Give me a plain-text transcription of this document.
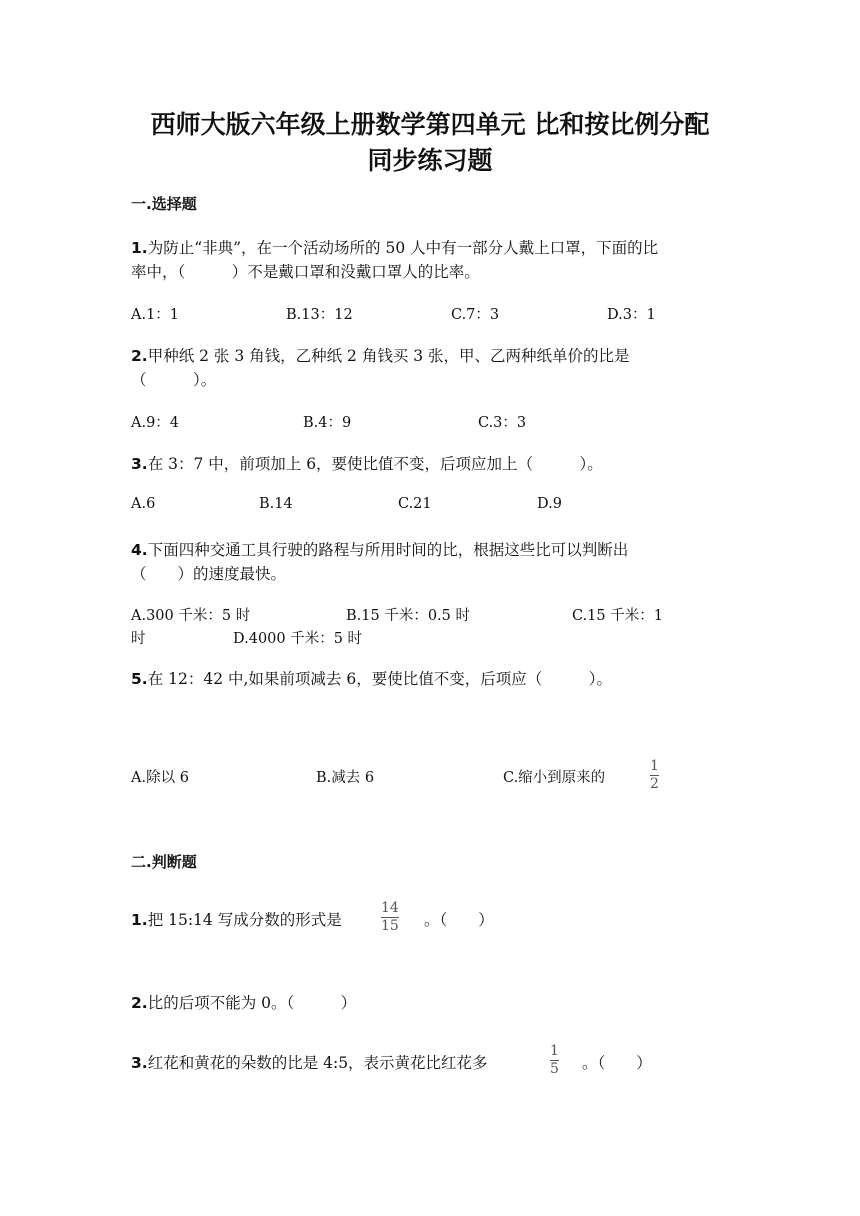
西师大版六年级上册数学第四单元 比和按比例分配
同步练习题
一.选择题
1.为防止“非典”，在一个活动场所的 50 人中有一部分人戴上口罩，下面的比
率中，（　　　）不是戴口罩和没戴口罩人的比率。
A.1：1	B.13：12	C.7：3	D.3：1
2.甲种纸 2 张 3 角钱，乙种纸 2 角钱买 3 张，甲、乙两种纸单价的比是
（　　　）。
A.9：4	B.4：9	C.3：3
3.在 3：7 中，前项加上 6，要使比值不变，后项应加上（　　　）。
A.6	B.14	C.21	D.9
4.下面四种交通工具行驶的路程与所用时间的比，根据这些比可以判断出
（　　）的速度最快。
A.300 千米：5 时	B.15 千米：0.5 时	C.15 千米：1
时	D.4000 千米：5 时
5.在 12：42 中,如果前项减去 6，要使比值不变，后项应（　　　）。
A.除以 6	B.减去 6	C.缩小到原来的
1
2
二.判断题
1.把 15:14 写成分数的形式是
14
15 。（　　）
2.比的后项不能为 0。（　　　）
3.红花和黄花的朵数的比是 4:5，表示黄花比红花多
1
5 。（　　）
